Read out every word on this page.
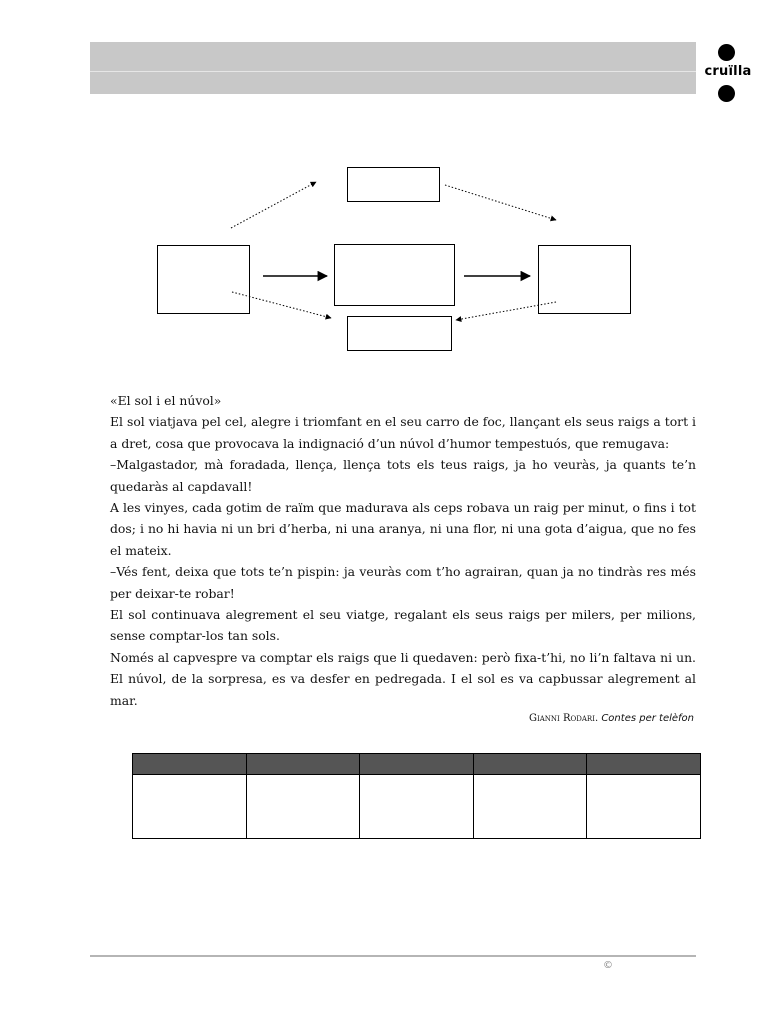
cruïlla

«El sol i el núvol»

El sol viatjava pel cel, alegre i triomfant en el seu carro de foc, llançant els seus raigs a tort i a dret, cosa que provocava la indignació d’un núvol d’humor tempestuós, que remugava:

–Malgastador, mà foradada, llença, llença tots els teus raigs, ja ho veuràs, ja quants te’n quedaràs al capdavall!

A les vinyes, cada gotim de raïm que madurava als ceps robava un raig per minut, o fins i tot dos; i no hi havia ni un bri d’herba, ni una aranya, ni una flor, ni una gota d’aigua, que no fes el mateix.

–Vés fent, deixa que tots te’n pispin: ja veuràs com t’ho agrairan, quan ja no tindràs res més per deixar-te robar!

El sol continuava alegrement el seu viatge, regalant els seus raigs per milers, per milions, sense comptar-los tan sols.

Només al capvespre va comptar els raigs que li quedaven: però fixa-t’hi, no li’n faltava ni un. El núvol, de la sorpresa, es va desfer en pedregada. I el sol es va capbussar alegrement al mar.

Gianni Rodari. Contes per telèfon

©
